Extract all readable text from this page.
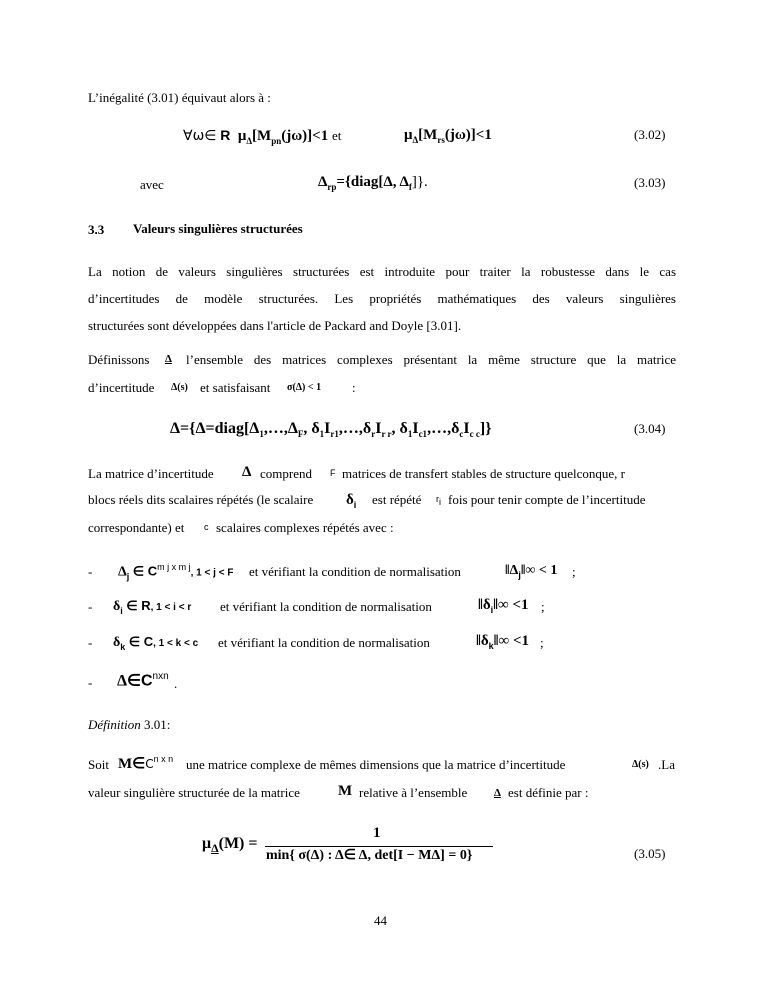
L’inégalité (3.01) équivaut alors à :
∀ω∈ R $\mu_\Delta[M_{pn}(j\omega)]<1$ et	$\mu_\Delta[M_{rs}(j\omega)]<1$	(3.02)
avec	$\Delta_{rp}=\{diag[\Delta$, $\Delta_f$]}.	(3.03)
3.3 Valeurs singulières structurées
La notion de valeurs singulières structurées est introduite pour traiter la robustesse dans le cas
d’incertitudes de modèle structurées. Les propriétés mathématiques des valeurs singulières
structurées sont développées dans l'article de Packard and Doyle [3.01].
Définissons Δ l’ensemble des matrices complexes présentant la même structure que la matrice
d’incertitude Δ(s) et satisfaisant σ(Δ) < 1 :
$\Delta=\{\Delta=diag[\Delta_1,\dots,\Delta_F$, $\delta_1I_{r1},\dots,\delta_rI_{r r}$, $\delta_1I_{c1},\dots,\delta_cI_{c c}$]}	(3.04)
La matrice d’incertitude Δ comprend F matrices de transfert stables de structure quelconque, r
blocs réels dits scalaires répétés (le scalaire $\delta_i$ est répété $r_i$ fois pour tenir compte de l’incertitude
correspondante) et c scalaires complexes répétés avec :
- $\Delta_j$ ∈ $C^{m j x m j}$, 1 < j < F et vérifiant la condition de normalisation	$‖\Delta_j‖\infty < 1$ ;
- $\delta_i$ ∈ R, 1 < i < r et vérifiant la condition de normalisation	$‖\delta_i‖\infty <1$ ;
- $\delta_k$ ∈ C, 1 < k < c et vérifiant la condition de normalisation	$‖\delta_k‖\infty <1$ ;
- $\Delta\in C^{nxn}$ .
Définition 3.01:
Soit $M\in C^{n x n}$ une matrice complexe de mêmes dimensions que la matrice d’incertitude	Δ(s) .La
valeur singulière structurée de la matrice	M relative à l’ensemble Δ est définie par :
$\mu_\Delta(M)$ =
1
min{ σ(Δ) : Δ∈ Δ, det[I − MΔ] = 0}	(3.05)
44
